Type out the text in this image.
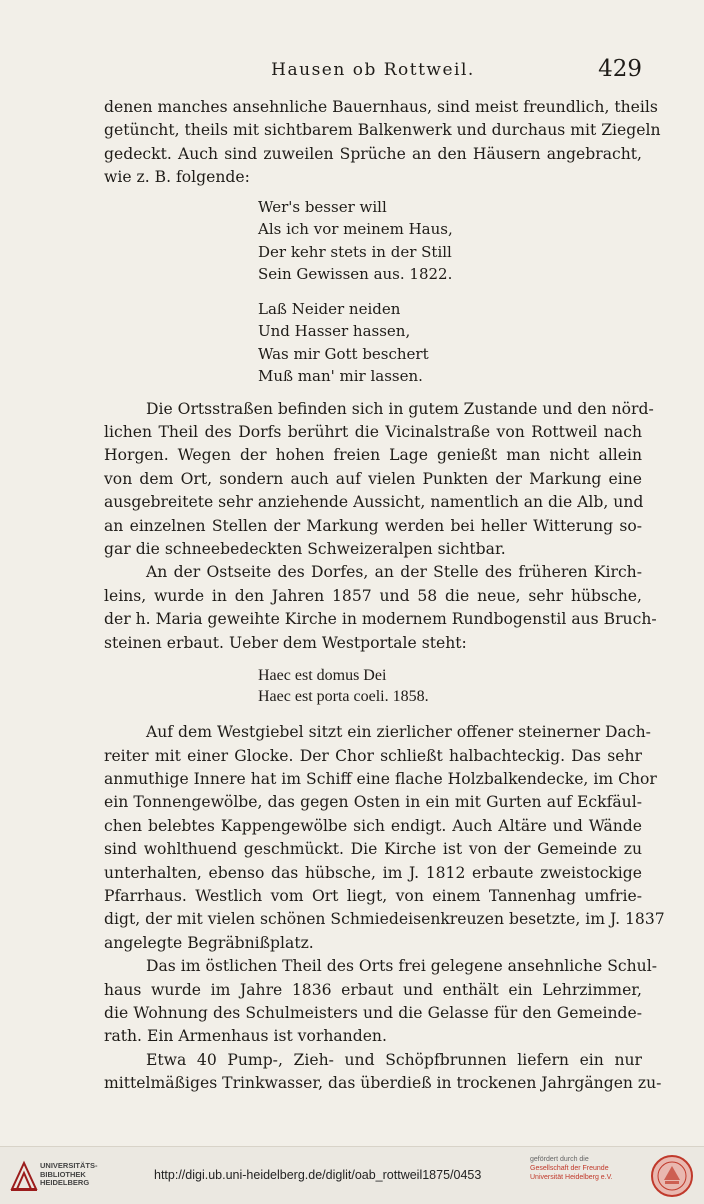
Hausen ob Rottweil.	429
denen manches ansehnliche Bauernhaus, sind meist freundlich, theils
getüncht, theils mit sichtbarem Balkenwerk und durchaus mit Ziegeln
gedeckt. Auch sind zuweilen Sprüche an den Häusern angebracht,
wie z. B. folgende:
Wer's besser will
Als ich vor meinem Haus,
Der kehr stets in der Still
Sein Gewissen aus. 1822.
Laß Neider neiden
Und Hasser hassen,
Was mir Gott beschert
Muß man' mir lassen.
Die Ortsstraßen befinden sich in gutem Zustande und den nörd-
lichen Theil des Dorfs berührt die Vicinalstraße von Rottweil nach
Horgen. Wegen der hohen freien Lage genießt man nicht allein
von dem Ort, sondern auch auf vielen Punkten der Markung eine
ausgebreitete sehr anziehende Aussicht, namentlich an die Alb, und
an einzelnen Stellen der Markung werden bei heller Witterung so-
gar die schneebedeckten Schweizeralpen sichtbar.
An der Ostseite des Dorfes, an der Stelle des früheren Kirch-
leins, wurde in den Jahren 1857 und 58 die neue, sehr hübsche,
der h. Maria geweihte Kirche in modernem Rundbogenstil aus Bruch-
steinen erbaut. Ueber dem Westportale steht:
Haec est domus Dei
Haec est porta coeli. 1858.
Auf dem Westgiebel sitzt ein zierlicher offener steinerner Dach-
reiter mit einer Glocke. Der Chor schließt halbachteckig. Das sehr
anmuthige Innere hat im Schiff eine flache Holzbalkendecke, im Chor
ein Tonnengewölbe, das gegen Osten in ein mit Gurten auf Eckfäul-
chen belebtes Kappengewölbe sich endigt. Auch Altäre und Wände
sind wohlthuend geschmückt. Die Kirche ist von der Gemeinde zu
unterhalten, ebenso das hübsche, im J. 1812 erbaute zweistockige
Pfarrhaus. Westlich vom Ort liegt, von einem Tannenhag umfrie-
digt, der mit vielen schönen Schmiedeisenkreuzen besetzte, im J. 1837
angelegte Begräbnißplatz.
Das im östlichen Theil des Orts frei gelegene ansehnliche Schul-
haus wurde im Jahre 1836 erbaut und enthält ein Lehrzimmer,
die Wohnung des Schulmeisters und die Gelasse für den Gemeinde-
rath. Ein Armenhaus ist vorhanden.
Etwa 40 Pump-, Zieh- und Schöpfbrunnen liefern ein nur
mittelmäßiges Trinkwasser, das überdieß in trockenen Jahrgängen zu-
UNIVERSITÄTS-
BIBLIOTHEK
HEIDELBERG
http://digi.ub.uni-heidelberg.de/diglit/oab_rottweil1875/0453
gefördert durch die
Gesellschaft der Freunde
Universität Heidelberg e.V.
